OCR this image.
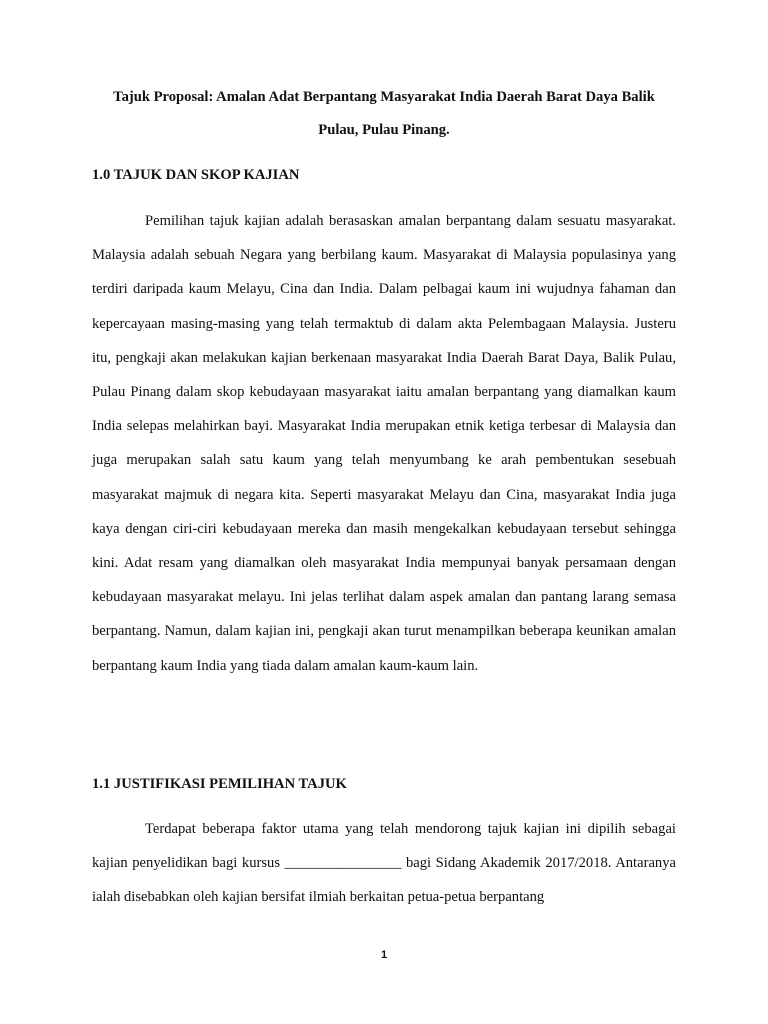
Tajuk Proposal: Amalan Adat Berpantang Masyarakat India Daerah Barat Daya Balik

Pulau, Pulau Pinang.

1.0 TAJUK DAN SKOP KAJIAN

Pemilihan tajuk kajian adalah berasaskan amalan berpantang dalam sesuatu masyarakat. Malaysia adalah sebuah Negara yang berbilang kaum. Masyarakat di Malaysia populasinya yang terdiri daripada kaum Melayu, Cina dan India. Dalam pelbagai kaum ini wujudnya fahaman dan kepercayaan masing-masing yang telah termaktub di dalam akta Pelembagaan Malaysia. Justeru itu, pengkaji akan melakukan kajian berkenaan masyarakat India Daerah Barat Daya, Balik Pulau, Pulau Pinang dalam skop kebudayaan masyarakat iaitu amalan berpantang yang diamalkan kaum India selepas melahirkan bayi. Masyarakat India merupakan etnik ketiga terbesar di Malaysia dan juga merupakan salah satu kaum yang telah menyumbang ke arah pembentukan sesebuah masyarakat majmuk di negara kita. Seperti masyarakat Melayu dan Cina, masyarakat India juga kaya dengan ciri-ciri kebudayaan mereka dan masih mengekalkan kebudayaan tersebut sehingga kini. Adat resam yang diamalkan oleh masyarakat India mempunyai banyak persamaan dengan kebudayaan masyarakat melayu. Ini jelas terlihat dalam aspek amalan dan pantang larang semasa berpantang. Namun, dalam kajian ini, pengkaji akan turut menampilkan beberapa keunikan amalan berpantang kaum India yang tiada dalam amalan kaum-kaum lain.

1.1 JUSTIFIKASI PEMILIHAN TAJUK

Terdapat beberapa faktor utama yang telah mendorong tajuk kajian ini dipilih sebagai kajian penyelidikan bagi kursus ________________ bagi Sidang Akademik 2017/2018. Antaranya ialah disebabkan oleh kajian bersifat ilmiah berkaitan petua-petua berpantang

1
